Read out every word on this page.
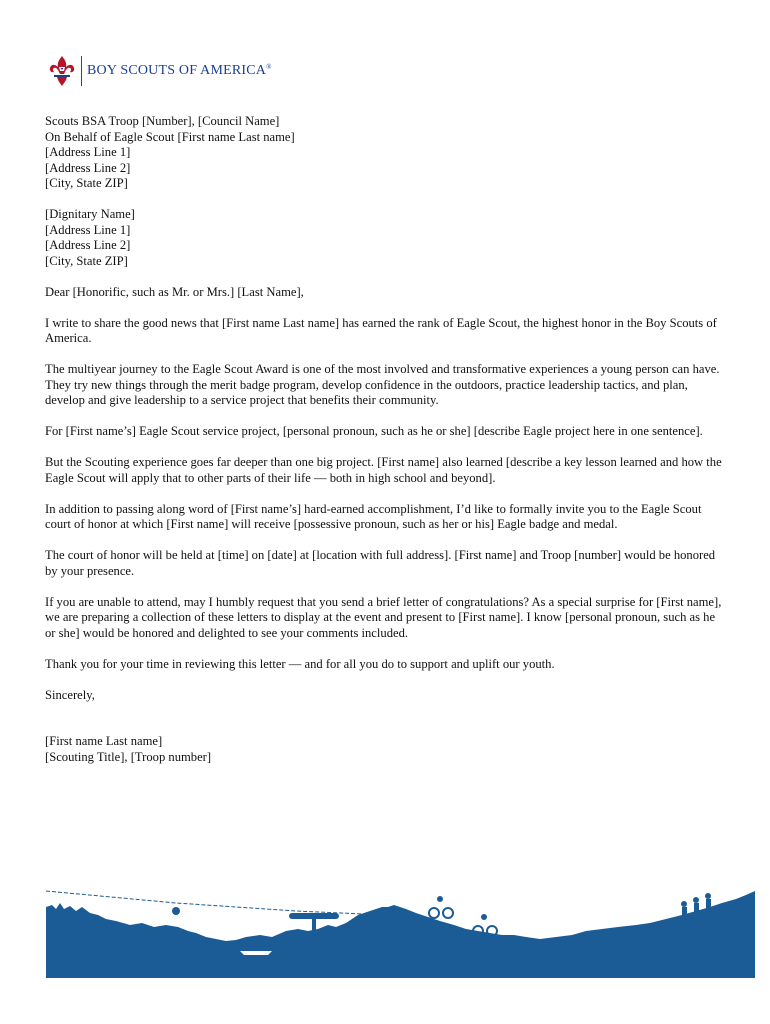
BOY SCOUTS OF AMERICA®
Scouts BSA Troop [Number], [Council Name]
On Behalf of Eagle Scout [First name Last name]
[Address Line 1]
[Address Line 2]
[City, State ZIP]
[Dignitary Name]
[Address Line 1]
[Address Line 2]
[City, State ZIP]

Dear [Honorific, such as Mr. or Mrs.] [Last Name],

I write to share the good news that [First name Last name] has earned the rank of Eagle Scout, the highest honor in the Boy Scouts of America.

The multiyear journey to the Eagle Scout Award is one of the most involved and transformative experiences a young person can have. They try new things through the merit badge program, develop confidence in the outdoors, practice leadership tactics, and plan, develop and give leadership to a service project that benefits their community.

For [First name’s] Eagle Scout service project, [personal pronoun, such as he or she] [describe Eagle project here in one sentence].

But the Scouting experience goes far deeper than one big project. [First name] also learned [describe a key lesson learned and how the Eagle Scout will apply that to other parts of their life — both in high school and beyond].

In addition to passing along word of [First name’s] hard-earned accomplishment, I’d like to formally invite you to the Eagle Scout court of honor at which [First name] will receive [possessive pronoun, such as her or his] Eagle badge and medal.

The court of honor will be held at [time] on [date] at [location with full address]. [First name] and Troop [number] would be honored by your presence.

If you are unable to attend, may I humbly request that you send a brief letter of congratulations? As a special surprise for [First name], we are preparing a collection of these letters to display at the event and present to [First name]. I know [personal pronoun, such as he or she] would be honored and delighted to see your comments included.

Thank you for your time in reviewing this letter — and for all you do to support and uplift our youth.

Sincerely,

[First name Last name]
[Scouting Title], [Troop number]
